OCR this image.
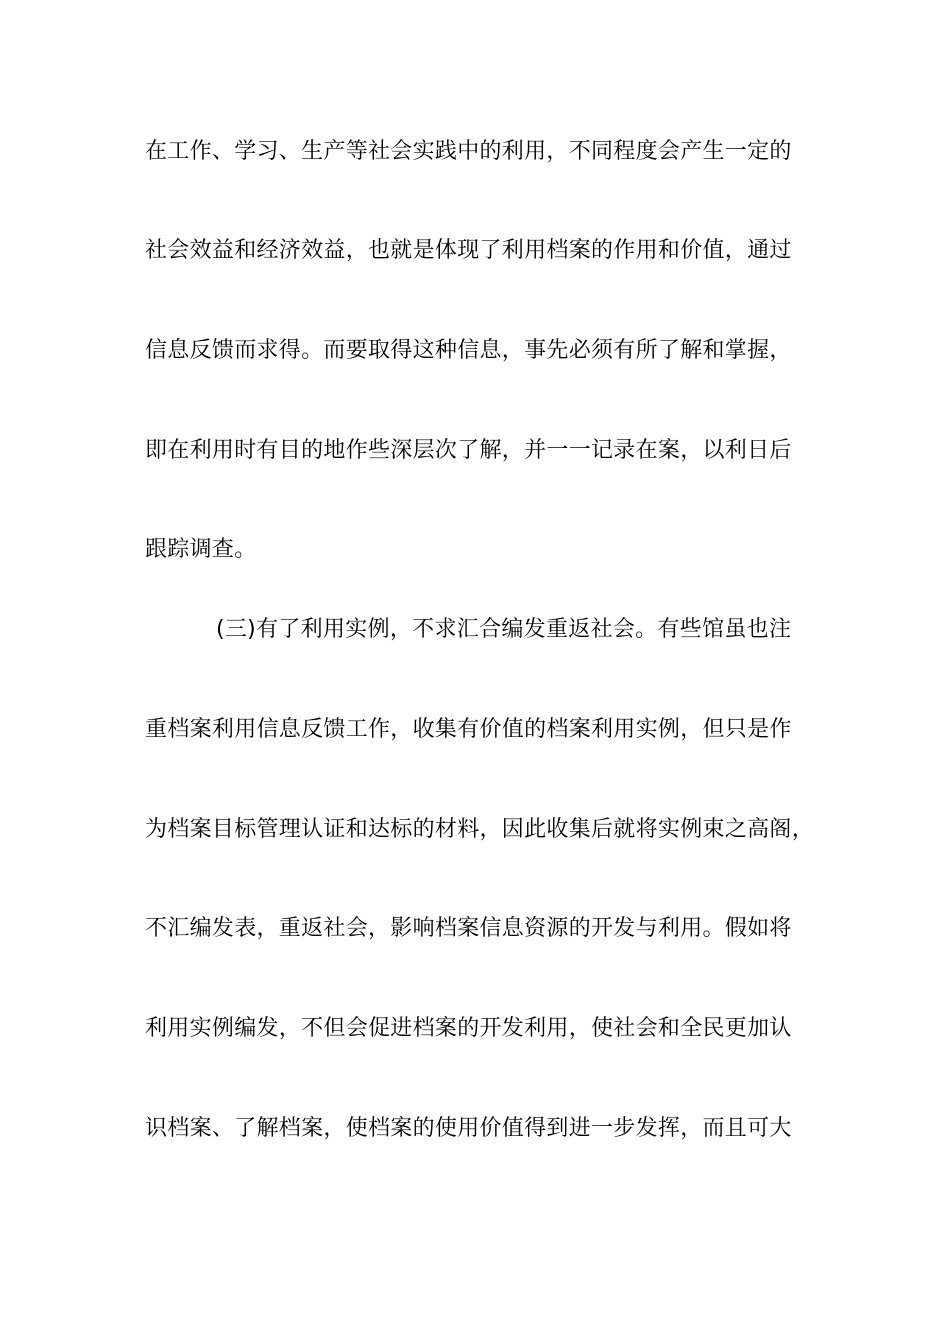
在工作、学习、生产等社会实践中的利用，不同程度会产生一定的
社会效益和经济效益，也就是体现了利用档案的作用和价值，通过
信息反馈而求得。而要取得这种信息，事先必须有所了解和掌握，
即在利用时有目的地作些深层次了解，并一一记录在案，以利日后
跟踪调查。
(三)有了利用实例，不求汇合编发重返社会。有些馆虽也注
重档案利用信息反馈工作，收集有价值的档案利用实例，但只是作
为档案目标管理认证和达标的材料，因此收集后就将实例束之高阁，
不汇编发表，重返社会，影响档案信息资源的开发与利用。假如将
利用实例编发，不但会促进档案的开发利用，使社会和全民更加认
识档案、了解档案，使档案的使用价值得到进一步发挥，而且可大
